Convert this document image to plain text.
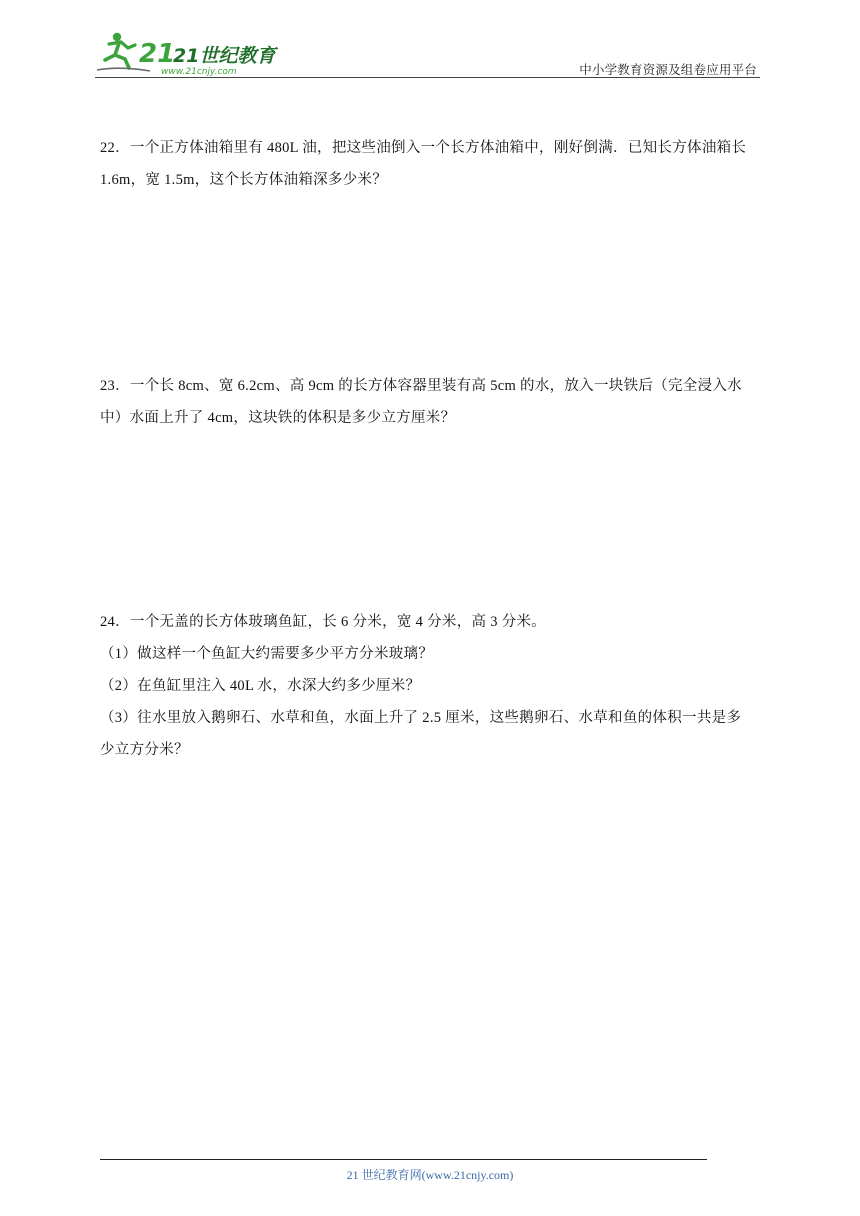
21
21世纪教育
www.21cnjy.com	中小学教育资源及组卷应用平台

22．一个正方体油箱里有 480L 油，把这些油倒入一个长方体油箱中，刚好倒满．已知长方体油箱长

1.6m，宽 1.5m，这个长方体油箱深多少米？

23．一个长 8cm、宽 6.2cm、高 9cm 的长方体容器里装有高 5cm 的水，放入一块铁后（完全浸入水

中）水面上升了 4cm，这块铁的体积是多少立方厘米？

24．一个无盖的长方体玻璃鱼缸，长 6 分米，宽 4 分米，高 3 分米。

（1）做这样一个鱼缸大约需要多少平方分米玻璃？

（2）在鱼缸里注入 40L 水，水深大约多少厘米？

（3）往水里放入鹅卵石、水草和鱼，水面上升了 2.5 厘米，这些鹅卵石、水草和鱼的体积一共是多

少立方分米？

21 世纪教育网(www.21cnjy.com)
